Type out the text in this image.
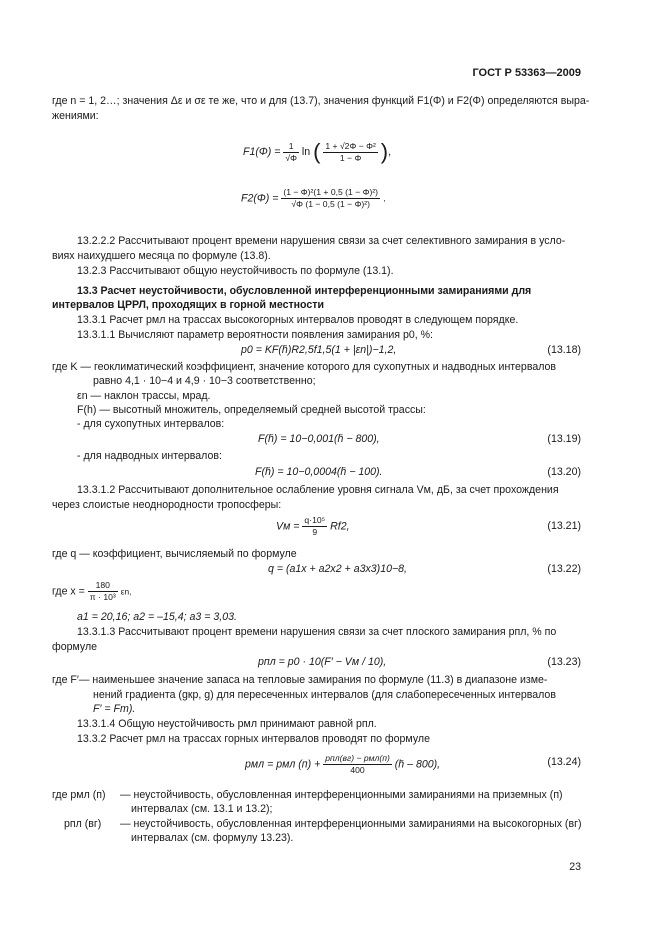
ГОСТ Р 53363—2009
где n = 1, 2…; значения Δε и σε те же, что и для (13.7), значения функций F1(Φ) и F2(Φ) определяются выра-
жениями:
$F1(\Phi) = \frac{1}{√\Phi}$ ln ( $\frac{\text{1 + √2Φ − Φ²}}{1 - \Phi}$ ),
$F2(\Phi) = \frac{\text{(1 − Φ)²(1 + 0,5 (1 − Φ)²)}}{\text{√Φ (1 − 0,5 (1 − Φ)²)}}$ .
13.2.2.2 Рассчитывают процент времени нарушения связи за счет селективного замирания в усло-
виях наихудшего месяца по формуле (13.8).
13.2.3 Рассчитывают общую неустойчивость по формуле (13.1).
13.3 Расчет неустойчивости, обусловленной интерференционными замираниями для
интервалов ЦРРЛ, проходящих в горной местности
13.3.1 Расчет pмл на трассах высокогорных интервалов проводят в следующем порядке.
13.3.1.1 Вычисляют параметр вероятности появления замирания p0, %:
p0 = KF(h̄)R2,5f1,5(1 + |εn|)−1,2,	(13.18)
где K — геоклиматический коэффициент, значение которого для сухопутных и надводных интервалов
равно 4,1 · 10−4 и 4,9 · 10−3 соответственно;
εn — наклон трассы, мрад.
F(h) — высотный множитель, определяемый средней высотой трассы:
- для сухопутных интервалов:
F(h̄) = 10−0,001(h̄ − 800),	(13.19)
- для надводных интервалов:
F(h̄) = 10−0,0004(h̄ − 100).	(13.20)
13.3.1.2 Рассчитывают дополнительное ослабление уровня сигнала Vм, дБ, за счет прохождения
через слоистые неоднородности тропосферы:
Vм = $\frac{\text{q·10⁵}}{9} Rf2$,	(13.21)
где q — коэффициент, вычисляемый по формуле
q = (a1x + a2x2 + a3x3)10−8,	(13.22)
где $x = \frac{180}{\text{π · 10³}} \varepsilon n$,
a1 = 20,16; a2 = –15,4; a3 = 3,03.
13.3.1.3 Рассчитывают процент времени нарушения связи за счет плоского замирания pпл, % по
формуле
pпл = p0 · 10(F′ − Vм / 10),	(13.23)
где F′— наименьшее значение запаса на тепловые замирания по формуле (11.3) в диапазоне изме-
нений градиента (gкр, g) для пересеченных интервалов (для слабопересеченных интервалов
F′ = Fm).
13.3.1.4 Общую неустойчивость pмл принимают равной pпл.
13.3.2 Расчет pмл на трассах горных интервалов проводят по формуле
pмл = pмл $(п) + \frac{\text{pпл(вг) − pмл(п)}}{400}$ (h̄ – 800),	(13.24)
где pмл (п) — неустойчивость, обусловленная интерференционными замираниями на приземных (п)
интервалах (см. 13.1 и 13.2);
pпл (вг) — неустойчивость, обусловленная интерференционными замираниями на высокогорных (вг)
интервалах (см. формулу 13.23).
23
